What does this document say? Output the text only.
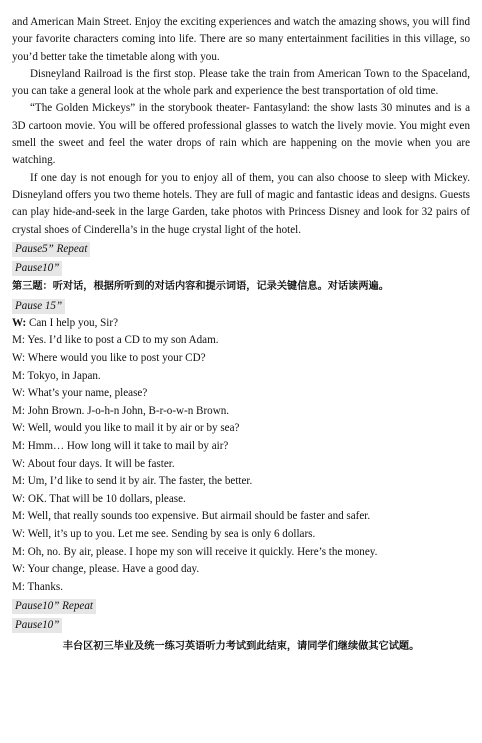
and American Main Street. Enjoy the exciting experiences and watch the amazing shows, you will find your favorite characters coming into life. There are so many entertainment facilities in this village, so you’d better take the timetable along with you.

Disneyland Railroad is the first stop. Please take the train from American Town to the Spaceland, you can take a general look at the whole park and experience the best transportation of old time.

“The Golden Mickeys” in the storybook theater- Fantasyland: the show lasts 30 minutes and is a 3D cartoon movie. You will be offered professional glasses to watch the lively movie. You might even smell the sweet and feel the water drops of rain which are happening on the movie when you are watching.

If one day is not enough for you to enjoy all of them, you can also choose to sleep with Mickey. Disneyland offers you two theme hotels. They are full of magic and fantastic ideas and designs. Guests can play hide-and-seek in the large Garden, take photos with Princess Disney and look for 32 pairs of crystal shoes of Cinderella’s in the huge crystal light of the hotel.

Pause5” Repeat
Pause10”
第三题：听对话，根据所听到的对话内容和提示词语，记录关键信息。对话读两遍。
Pause 15”

W: Can I help you, Sir?

M: Yes. I’d like to post a CD to my son Adam.

W: Where would you like to post your CD?

M: Tokyo, in Japan.

W: What’s your name, please?

M: John Brown. J-o-h-n John, B-r-o-w-n Brown.

W: Well, would you like to mail it by air or by sea?

M: Hmm… How long will it take to mail by air?

W: About four days. It will be faster.

M: Um, I’d like to send it by air. The faster, the better.

W: OK. That will be 10 dollars, please.

M: Well, that really sounds too expensive. But airmail should be faster and safer.

W: Well, it’s up to you. Let me see. Sending by sea is only 6 dollars.

M: Oh, no. By air, please. I hope my son will receive it quickly. Here’s the money.

W: Your change, please. Have a good day.

M: Thanks.

Pause10” Repeat
Pause10”
丰台区初三毕业及统一练习英语听力考试到此结束，请同学们继续做其它试题。
